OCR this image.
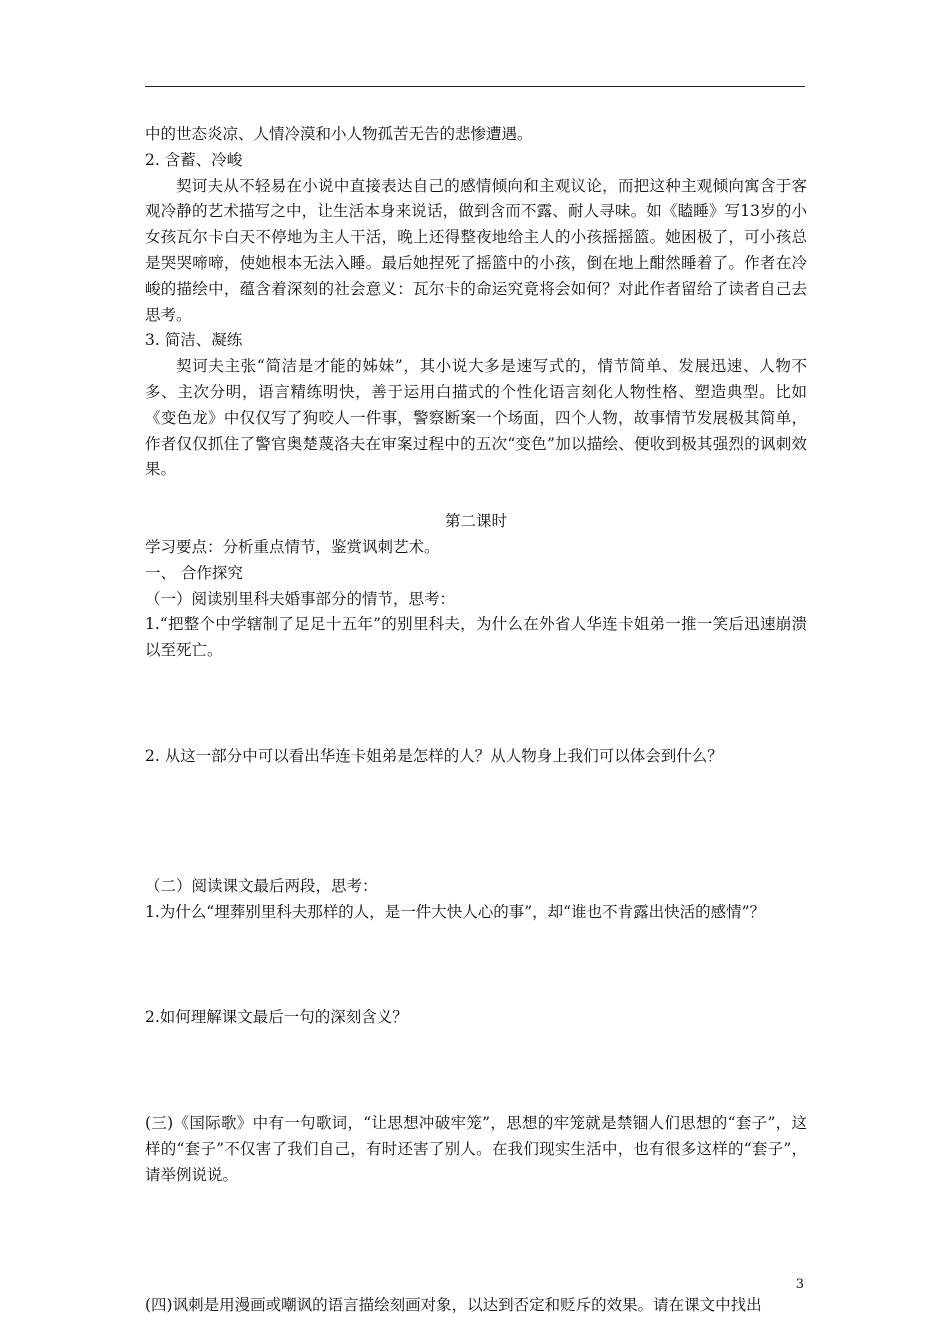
中的世态炎凉、人情冷漠和小人物孤苦无告的悲惨遭遇。

2. 含蓄、冷峻

契诃夫从不轻易在小说中直接表达自己的感情倾向和主观议论，而把这种主观倾向寓含于客观冷静的艺术描写之中，让生活本身来说话，做到含而不露、耐人寻味。如《瞌睡》写13岁的小女孩瓦尔卡白天不停地为主人干活，晚上还得整夜地给主人的小孩摇摇篮。她困极了，可小孩总是哭哭啼啼，使她根本无法入睡。最后她捏死了摇篮中的小孩，倒在地上酣然睡着了。作者在冷峻的描绘中，蕴含着深刻的社会意义：瓦尔卡的命运究竟将会如何？对此作者留给了读者自己去思考。

3. 简洁、凝练

契诃夫主张“简洁是才能的姊妹”，其小说大多是速写式的，情节简单、发展迅速、人物不多、主次分明，语言精练明快，善于运用白描式的个性化语言刻化人物性格、塑造典型。比如《变色龙》中仅仅写了狗咬人一件事，警察断案一个场面，四个人物，故事情节发展极其简单，作者仅仅抓住了警官奥楚蔑洛夫在审案过程中的五次“变色”加以描绘、便收到极其强烈的讽刺效果。

第二课时

学习要点：分析重点情节，鉴赏讽刺艺术。

一、 合作探究

（一）阅读别里科夫婚事部分的情节，思考：

1.“把整个中学辖制了足足十五年”的别里科夫，为什么在外省人华连卡姐弟一推一笑后迅速崩溃以至死亡。

2. 从这一部分中可以看出华连卡姐弟是怎样的人？从人物身上我们可以体会到什么？

（二）阅读课文最后两段，思考：

1.为什么“埋葬别里科夫那样的人，是一件大快人心的事”，却“谁也不肯露出快活的感情”？

2.如何理解课文最后一句的深刻含义？

(三)《国际歌》中有一句歌词，“让思想冲破牢笼”，思想的牢笼就是禁锢人们思想的“套子”，这样的“套子”不仅害了我们自己，有时还害了别人。在我们现实生活中，也有很多这样的“套子”，请举例说说。

(四)讽刺是用漫画或嘲讽的语言描绘刻画对象，以达到否定和贬斥的效果。请在课文中找出

3
